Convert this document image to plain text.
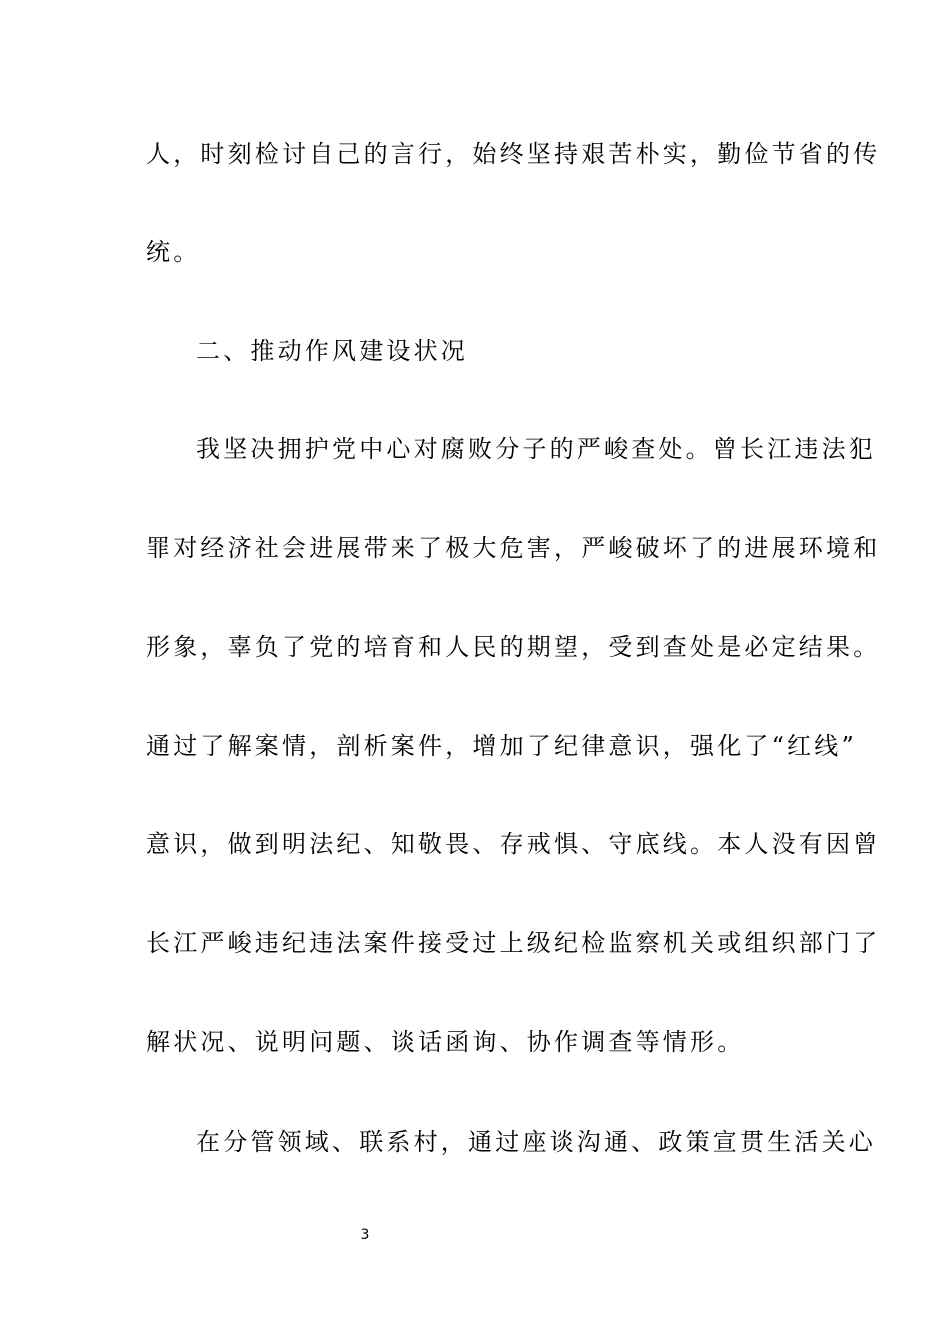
人，时刻检讨自己的言行，始终坚持艰苦朴实，勤俭节省的传
统。
二、推动作风建设状况
我坚决拥护党中心对腐败分子的严峻查处。曾长江违法犯
罪对经济社会进展带来了极大危害，严峻破坏了的进展环境和
形象，辜负了党的培育和人民的期望，受到查处是必定结果。
通过了解案情，剖析案件，增加了纪律意识，强化了“红线”
意识，做到明法纪、知敬畏、存戒惧、守底线。本人没有因曾
长江严峻违纪违法案件接受过上级纪检监察机关或组织部门了
解状况、说明问题、谈话函询、协作调查等情形。
在分管领域、联系村，通过座谈沟通、政策宣贯生活关心
3
